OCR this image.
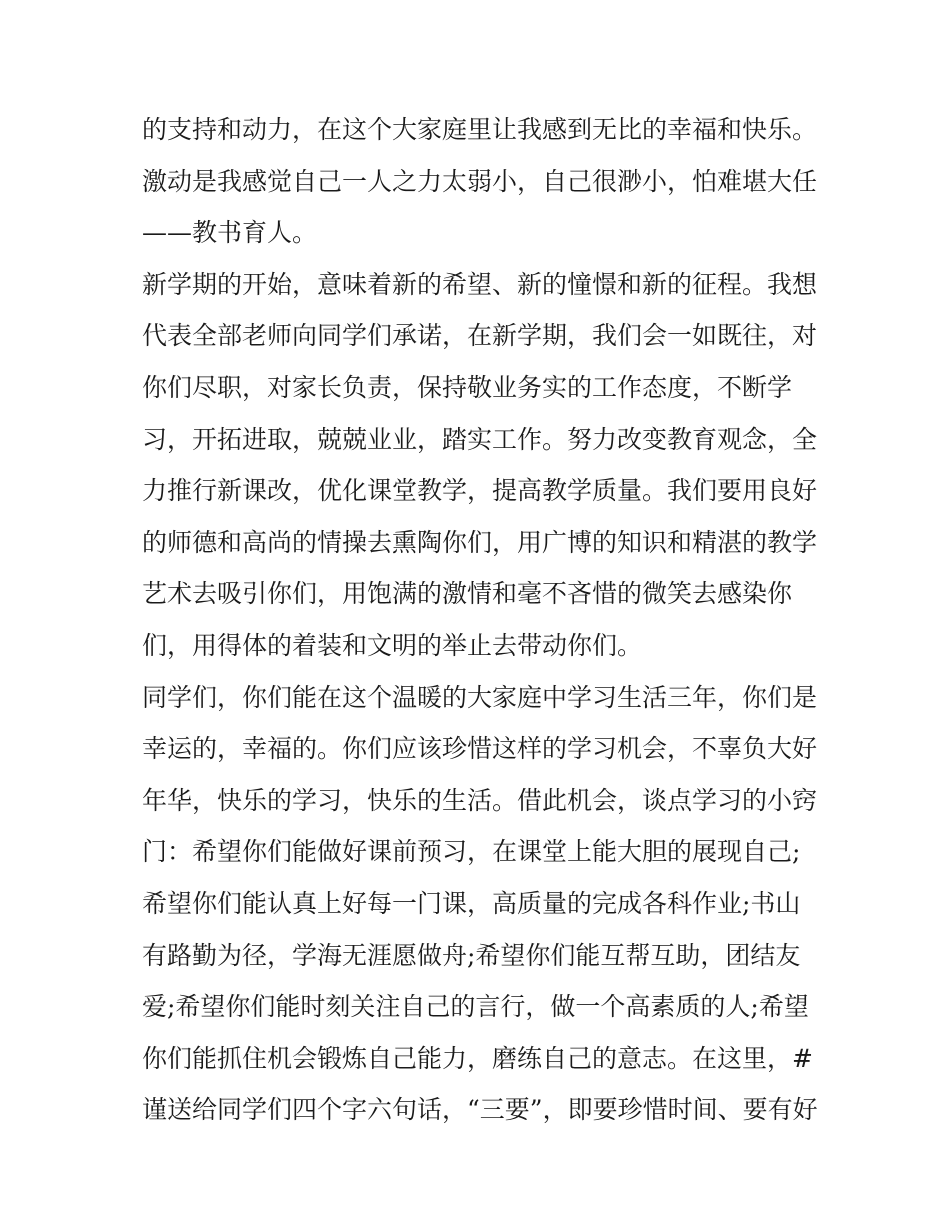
的支持和动力，在这个大家庭里让我感到无比的幸福和快乐。
激动是我感觉自己一人之力太弱小，自己很渺小，怕难堪大任
——教书育人。
新学期的开始，意味着新的希望、新的憧憬和新的征程。我想
代表全部老师向同学们承诺，在新学期，我们会一如既往，对
你们尽职，对家长负责，保持敬业务实的工作态度，不断学
习，开拓进取，兢兢业业，踏实工作。努力改变教育观念，全
力推行新课改，优化课堂教学，提高教学质量。我们要用良好
的师德和高尚的情操去熏陶你们，用广博的知识和精湛的教学
艺术去吸引你们，用饱满的激情和毫不吝惜的微笑去感染你
们，用得体的着装和文明的举止去带动你们。
同学们，你们能在这个温暖的大家庭中学习生活三年，你们是
幸运的，幸福的。你们应该珍惜这样的学习机会，不辜负大好
年华，快乐的学习，快乐的生活。借此机会，谈点学习的小窍
门：希望你们能做好课前预习，在课堂上能大胆的展现自己;
希望你们能认真上好每一门课，高质量的完成各科作业;书山
有路勤为径，学海无涯愿做舟;希望你们能互帮互助，团结友
爱;希望你们能时刻关注自己的言行，做一个高素质的人;希望
你们能抓住机会锻炼自己能力，磨练自己的意志。在这里，#
谨送给同学们四个字六句话，“三要”，即要珍惜时间、要有好
